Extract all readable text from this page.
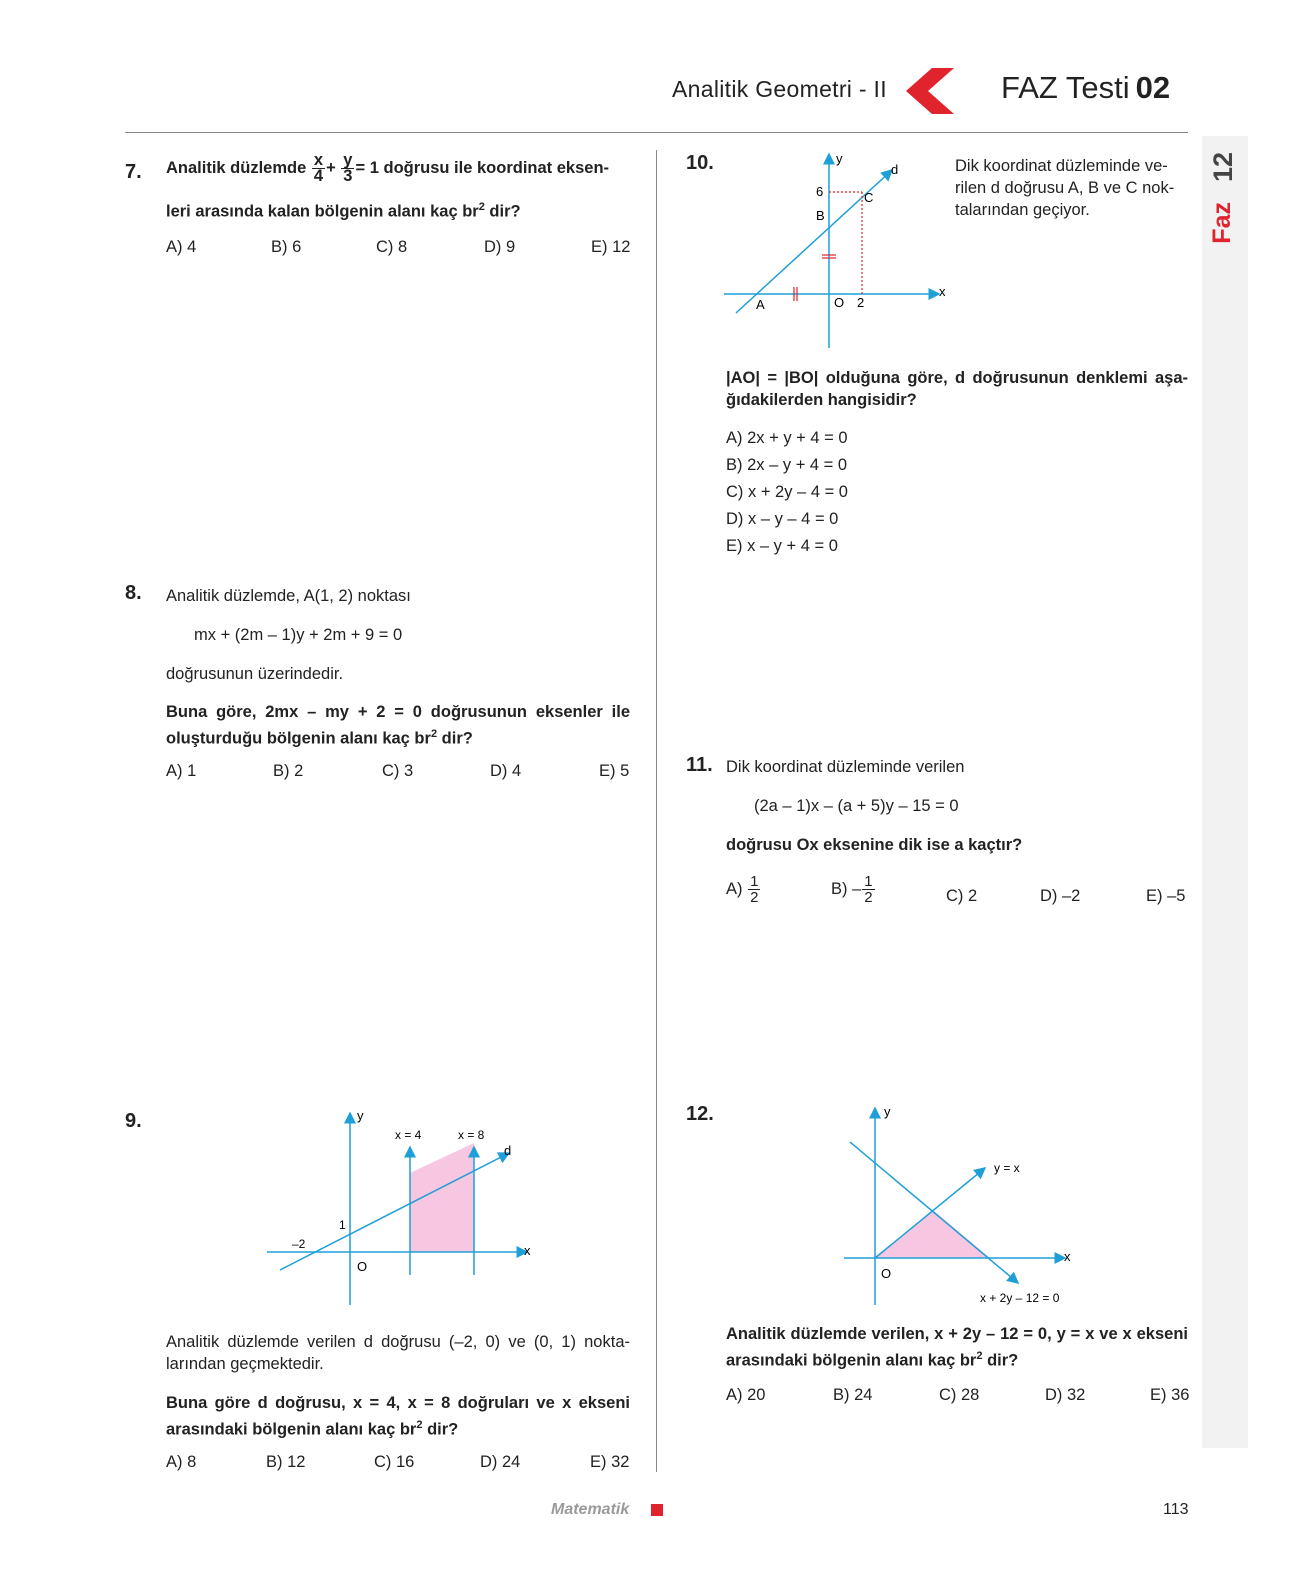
Analitik Geometri - II	FAZ Testi 02
12
Faz
7. Analitik düzlemde $\frac{x}{4} + \frac{y}{3} = 1$ doğrusu ile koordinat eksen-
leri arasında kalan bölgenin alanı kaç $br^2$ dir?
A) 4	B) 6	C) 8	D) 9	E) 12
8. Analitik düzlemde, A(1, 2) noktası
mx + (2m – 1)y + 2m + 9 = 0
doğrusunun üzerindedir.
Buna göre, 2mx – my + 2 = 0 doğrusunun eksenler ile
oluşturduğu bölgenin alanı kaç $br^2$ dir?
A) 1	B) 2	C) 3	D) 4	E) 5
9.	y
x
O
d
x = 4	x = 8
1
–2
Analitik düzlemde verilen d doğrusu (–2, 0) ve (0, 1) nokta-
larından geçmektedir.
Buna göre d doğrusu, x = 4, x = 8 doğruları ve x ekseni
arasındaki bölgenin alanı kaç $br^2$ dir?
A) 8	B) 12	C) 16	D) 24	E) 32
10.	y
x
O 2
6
B
C
A
d	Dik koordinat düzleminde ve-
rilen d doğrusu A, B ve C nok-
talarından geçiyor.
|AO| = |BO| olduğuna göre, d doğrusunun denklemi aşa-
ğıdakilerden hangisidir?
A) 2x + y + 4 = 0
B) 2x – y + 4 = 0
C) x + 2y – 4 = 0
D) x – y – 4 = 0
E) x – y + 4 = 0
11. Dik koordinat düzleminde verilen
(2a – 1)x – (a + 5)y – 15 = 0
doğrusu Ox eksenine dik ise a kaçtır?
$A) \frac{1}{2}$	$B) - \frac{1}{2}$	C) 2	D) –2	E) –5
12.	y
x
O
y = x
x + 2y – 12 = 0
Analitik düzlemde verilen, x + 2y – 12 = 0, y = x ve x ekseni
arasındaki bölgenin alanı kaç $br^2$ dir?
A) 20	B) 24	C) 28	D) 32	E) 36
Matematik	113
